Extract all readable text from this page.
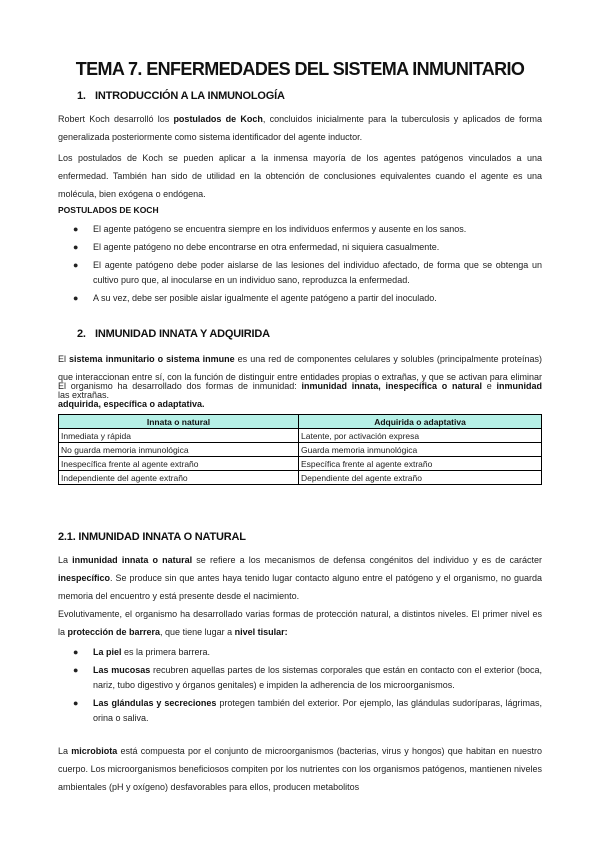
TEMA 7. ENFERMEDADES DEL SISTEMA INMUNITARIO
1. INTRODUCCIÓN A LA INMUNOLOGÍA
Robert Koch desarrolló los postulados de Koch, concluidos inicialmente para la tuberculosis y aplicados de forma generalizada posteriormente como sistema identificador del agente inductor.
Los postulados de Koch se pueden aplicar a la inmensa mayoría de los agentes patógenos vinculados a una enfermedad. También han sido de utilidad en la obtención de conclusiones equivalentes cuando el agente es una molécula, bien exógena o endógena.
POSTULADOS DE KOCH
● El agente patógeno se encuentra siempre en los individuos enfermos y ausente en los sanos.
● El agente patógeno no debe encontrarse en otra enfermedad, ni siquiera casualmente.
● El agente patógeno debe poder aislarse de las lesiones del individuo afectado, de forma que se obtenga un cultivo puro que, al inocularse en un individuo sano, reproduzca la enfermedad.
● A su vez, debe ser posible aislar igualmente el agente patógeno a partir del inoculado.
2. INMUNIDAD INNATA Y ADQUIRIDA
El sistema inmunitario o sistema inmune es una red de componentes celulares y solubles (principalmente proteínas) que interaccionan entre sí, con la función de distinguir entre entidades propias o extrañas, y que se activan para eliminar las extrañas.
El organismo ha desarrollado dos formas de inmunidad: inmunidad innata, inespecífica o natural e inmunidad adquirida, específica o adaptativa.
Innata o natural	Adquirida o adaptativa
Inmediata y rápida	Latente, por activación expresa
No guarda memoria inmunológica	Guarda memoria inmunológica
Inespecífica frente al agente extraño	Específica frente al agente extraño
Independiente del agente extraño	Dependiente del agente extraño
2.1. INMUNIDAD INNATA O NATURAL
La inmunidad innata o natural se refiere a los mecanismos de defensa congénitos del individuo y es de carácter inespecífico. Se produce sin que antes haya tenido lugar contacto alguno entre el patógeno y el organismo, no guarda memoria del encuentro y está presente desde el nacimiento.
Evolutivamente, el organismo ha desarrollado varias formas de protección natural, a distintos niveles. El primer nivel es la protección de barrera, que tiene lugar a nivel tisular:
● La piel es la primera barrera.
● Las mucosas recubren aquellas partes de los sistemas corporales que están en contacto con el exterior (boca, nariz, tubo digestivo y órganos genitales) e impiden la adherencia de los microorganismos.
● Las glándulas y secreciones protegen también del exterior. Por ejemplo, las glándulas sudoríparas, lágrimas, orina o saliva.
La microbiota está compuesta por el conjunto de microorganismos (bacterias, virus y hongos) que habitan en nuestro cuerpo. Los microorganismos beneficiosos compiten por los nutrientes con los organismos patógenos, mantienen niveles ambientales (pH y oxígeno) desfavorables para ellos, producen metabolitos
